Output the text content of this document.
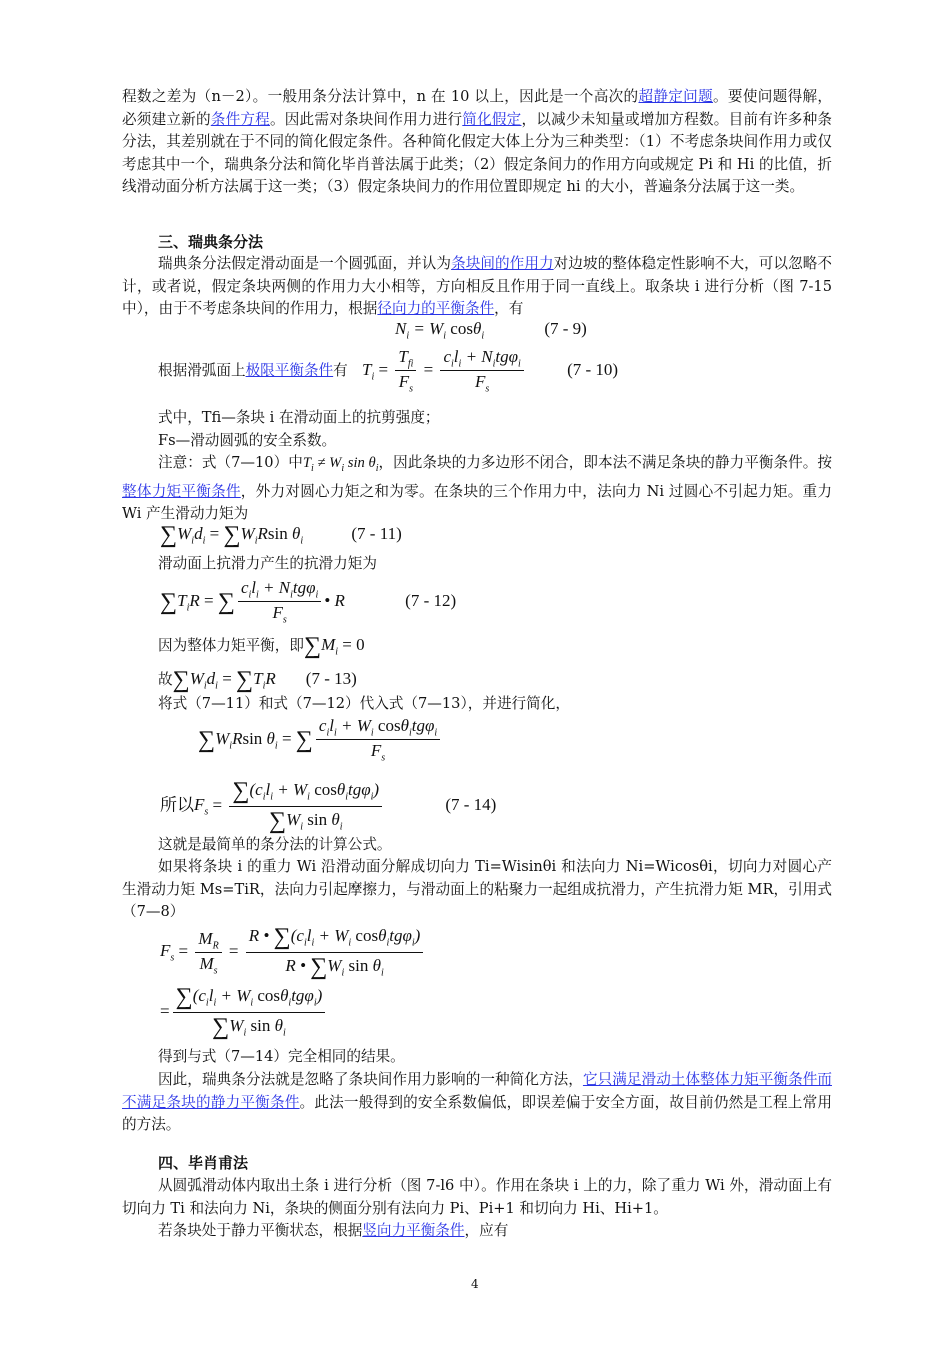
程数之差为（n－2）。一般用条分法计算中，n 在 10 以上，因此是一个高次的超静定问题。要使问题得解，必须建立新的条件方程。因此需对条块间作用力进行简化假定，以减少未知量或增加方程数。目前有许多种条分法，其差别就在于不同的简化假定条件。各种简化假定大体上分为三种类型：（1）不考虑条块间作用力或仅考虑其中一个，瑞典条分法和简化毕肖普法属于此类；（2）假定条间力的作用方向或规定 Pi 和 Hi 的比值，折线滑动面分析方法属于这一类；（3）假定条块间力的作用位置即规定 hi 的大小，普遍条分法属于这一类。
三、瑞典条分法
瑞典条分法假定滑动面是一个圆弧面，并认为条块间的作用力对边坡的整体稳定性影响不大，可以忽略不计，或者说，假定条块两侧的作用力大小相等，方向相反且作用于同一直线上。取条块 i 进行分析（图 7-15 中），由于不考虑条块间的作用力，根据径向力的平衡条件，有
$N_i = W_i$ cosθ$_i$	(7 - 9)
根据滑弧面上极限平衡条件有 $T_i = \frac{T_{fi}}{F_s} = \frac{c_il_i + N_itg\varphi_i}{F_s}$	(7 - 10)
式中，Tfi—条块 i 在滑动面上的抗剪强度；
Fs—滑动圆弧的安全系数。
注意：式（7—10）中$T_i \ne W_i$ $\sin \theta_i$，因此条块的力多边形不闭合，即本法不满足条块的静力平衡条件。按整体力矩平衡条件，外力对圆心力矩之和为零。在条块的三个作用力中，法向力 Ni 过圆心不引起力矩。重力 Wi 产生滑动力矩为
$\sum W_id_i = \sum W_iRsin$ $\theta_i$	(7 - 11)
滑动面上抗滑力产生的抗滑力矩为
$\sum T_iR$ = ∑ $\frac{c_il_i + N_itg\varphi_i}{F_s}$ • R	(7 - 12)
因为整体力矩平衡，即$\sum M_i = 0$
故$\sum W_id_i = \sum T_iR$ (7 - 13)
将式（7—11）和式（7—12）代入式（7—13），并进行简化，
$\sum W_iRsin$ $\theta_i$ = ∑ $\frac{c_il_i + W_i \cos\theta_itg\varphi_i}{F_s}$
所以$F_s = \frac{\sum(c_il_i + W_i \cos\theta_itg\varphi_i)}{\sum W_i \sin \theta_i}$	(7 - 14)
这就是最简单的条分法的计算公式。
如果将条块 i 的重力 Wi 沿滑动面分解成切向力 Ti=Wisinθi 和法向力 Ni=Wicosθi，切向力对圆心产生滑动力矩 Ms=TiR，法向力引起摩擦力，与滑动面上的粘聚力一起组成抗滑力，产生抗滑力矩 MR，引用式（7—8）
$F_s = \frac{M_R}{M_s} = \frac{R • \sum(c_il_i + W_i \cos\theta_itg\varphi_i)}{R • \sum W_i \sin \theta_i}$
= $\frac{\sum(c_il_i + W_i \cos\theta_itg\varphi_i)}{\sum W_i \sin \theta_i}$
得到与式（7—14）完全相同的结果。
因此，瑞典条分法就是忽略了条块间作用力影响的一种简化方法，它只满足滑动土体整体力矩平衡条件而不满足条块的静力平衡条件。此法一般得到的安全系数偏低，即误差偏于安全方面，故目前仍然是工程上常用的方法。
四、毕肖甫法
从圆弧滑动体内取出土条 i 进行分析（图 7-l6 中）。作用在条块 i 上的力，除了重力 Wi 外，滑动面上有切向力 Ti 和法向力 Ni，条块的侧面分别有法向力 Pi、Pi+1 和切向力 Hi、Hi+1。
若条块处于静力平衡状态，根据竖向力平衡条件，应有
4
